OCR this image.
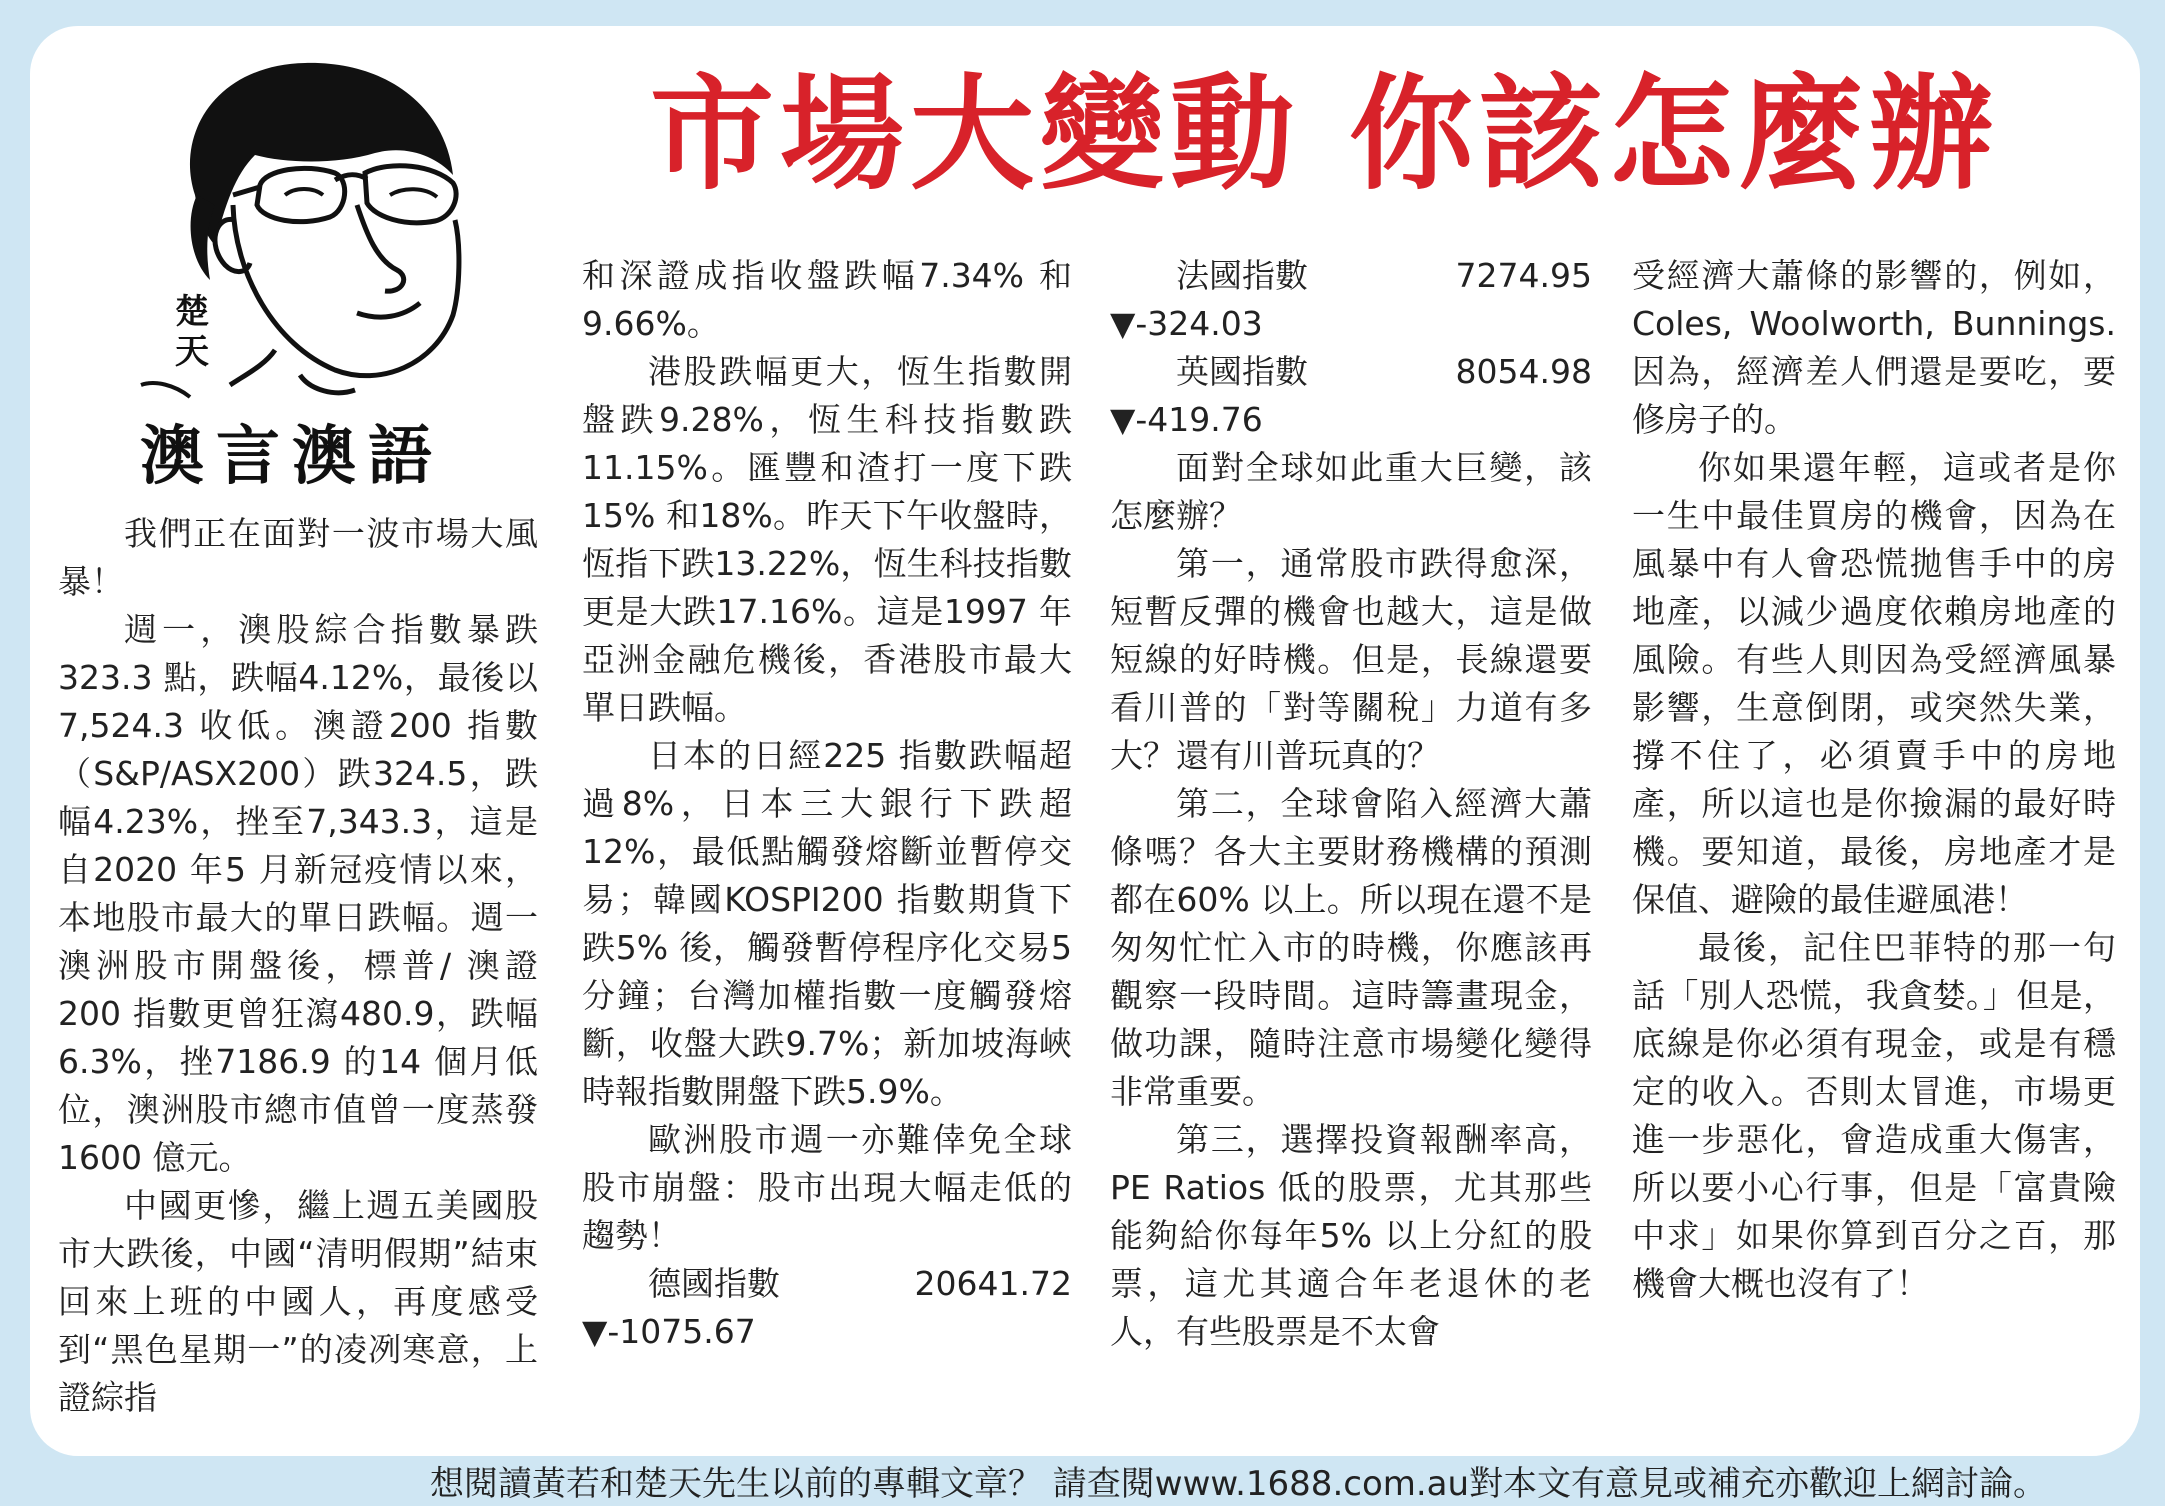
楚天
澳言澳語
市場大變動 你該怎麼辦

我們正在面對一波市場大風暴！

週一，澳股綜合指數暴跌323.3 點，跌幅4.12%，最後以7,524.3 收低。澳證200 指數（S&P/ASX200）跌324.5，跌幅4.23%，挫至7,343.3，這是自2020 年5 月新冠疫情以來，本地股市最大的單日跌幅。週一澳洲股市開盤後，標普/ 澳證200 指數更曾狂瀉480.9，跌幅6.3%，挫7186.9 的14 個月低位，澳洲股市總市值曾一度蒸發1600 億元。

中國更慘，繼上週五美國股市大跌後，中國“清明假期”結束回來上班的中國人，再度感受到“黑色星期一”的凌冽寒意，上證綜指

和深證成指收盤跌幅7.34% 和9.66%。

港股跌幅更大，恆生指數開盤跌9.28%，恆生科技指數跌11.15%。匯豐和渣打一度下跌15% 和18%。昨天下午收盤時，恆指下跌13.22%，恆生科技指數更是大跌17.16%。這是1997 年亞洲金融危機後，香港股市最大單日跌幅。

日本的日經225 指數跌幅超過8%，日本三大銀行下跌超12%，最低點觸發熔斷並暫停交易；韓國KOSPI200 指數期貨下跌5% 後，觸發暫停程序化交易5 分鐘；台灣加權指數一度觸發熔斷，收盤大跌9.7%；新加坡海峽時報指數開盤下跌5.9%。

歐洲股市週一亦難倖免全球股市崩盤：股市出現大幅走低的趨勢！

德國指數	20641.72

▼-1075.67

法國指數	7274.95

▼-324.03

英國指數	8054.98

▼-419.76

面對全球如此重大巨變，該怎麼辦？

第一，通常股市跌得愈深，短暫反彈的機會也越大，這是做短線的好時機。但是，長線還要看川普的「對等關稅」力道有多大？還有川普玩真的？

第二，全球會陷入經濟大蕭條嗎？各大主要財務機構的預測都在60% 以上。所以現在還不是匆匆忙忙入市的時機，你應該再觀察一段時間。這時籌畫現金，做功課，隨時注意市場變化變得非常重要。

第三，選擇投資報酬率高，PE Ratios 低的股票，尤其那些能夠給你每年5% 以上分紅的股票，這尤其適合年老退休的老人，有些股票是不太會

受經濟大蕭條的影響的，例如，Coles, Woolworth, Bunnings. 因為，經濟差人們還是要吃，要修房子的。

你如果還年輕，這或者是你一生中最佳買房的機會，因為在風暴中有人會恐慌拋售手中的房地產，以減少過度依賴房地產的風險。有些人則因為受經濟風暴影響，生意倒閉，或突然失業，撐不住了，必須賣手中的房地產，所以這也是你撿漏的最好時機。要知道，最後，房地產才是保值、避險的最佳避風港！

最後，記住巴菲特的那一句話「別人恐慌，我貪婪。」但是，底線是你必須有現金，或是有穩定的收入。否則太冒進，市場更進一步惡化，會造成重大傷害，所以要小心行事，但是「富貴險中求」如果你算到百分之百，那機會大概也沒有了！

想閱讀黃若和楚天先生以前的專輯文章？ 請查閱www.1688.com.au對本文有意見或補充亦歡迎上網討論。
